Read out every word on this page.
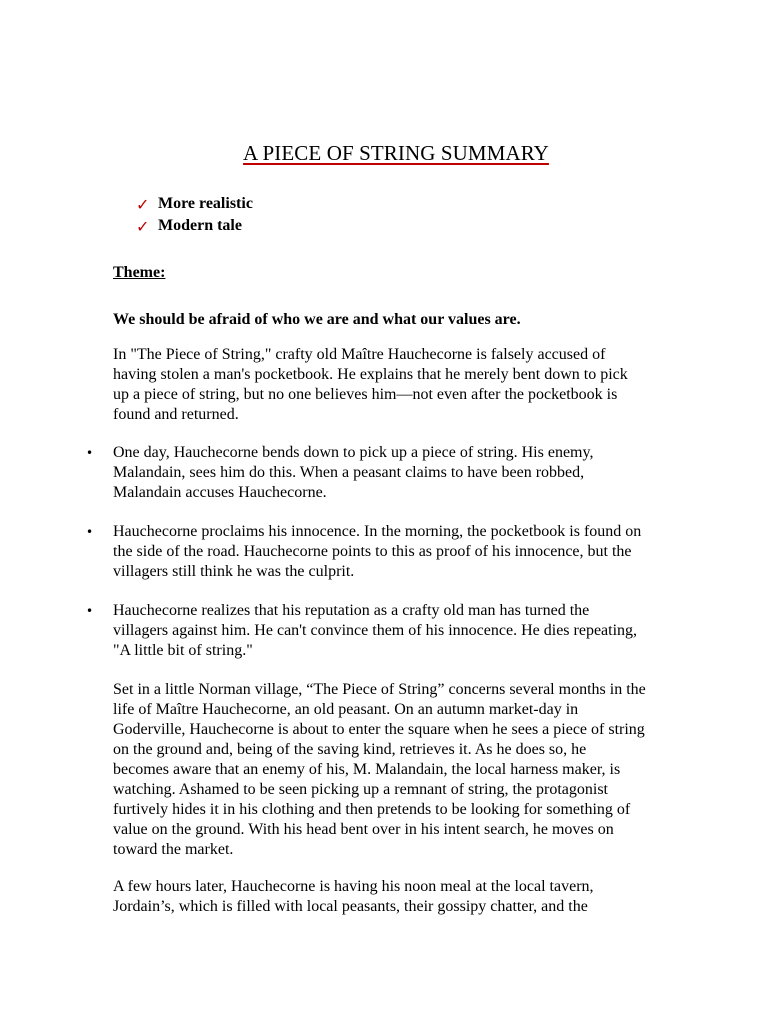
A PIECE OF STRING SUMMARY
✓ More realistic
✓ Modern tale
Theme:
We should be afraid of who we are and what our values are.
In "The Piece of String," crafty old Maître Hauchecorne is falsely accused of
having stolen a man's pocketbook. He explains that he merely bent down to pick
up a piece of string, but no one believes him—not even after the pocketbook is
found and returned.
•	One day, Hauchecorne bends down to pick up a piece of string. His enemy,
Malandain, sees him do this. When a peasant claims to have been robbed,
Malandain accuses Hauchecorne.
•	Hauchecorne proclaims his innocence. In the morning, the pocketbook is found on
the side of the road. Hauchecorne points to this as proof of his innocence, but the
villagers still think he was the culprit.
•	Hauchecorne realizes that his reputation as a crafty old man has turned the
villagers against him. He can't convince them of his innocence. He dies repeating,
"A little bit of string."
Set in a little Norman village, “The Piece of String” concerns several months in the
life of Maître Hauchecorne, an old peasant. On an autumn market-day in
Goderville, Hauchecorne is about to enter the square when he sees a piece of string
on the ground and, being of the saving kind, retrieves it. As he does so, he
becomes aware that an enemy of his, M. Malandain, the local harness maker, is
watching. Ashamed to be seen picking up a remnant of string, the protagonist
furtively hides it in his clothing and then pretends to be looking for something of
value on the ground. With his head bent over in his intent search, he moves on
toward the market.
A few hours later, Hauchecorne is having his noon meal at the local tavern,
Jordain’s, which is filled with local peasants, their gossipy chatter, and the
